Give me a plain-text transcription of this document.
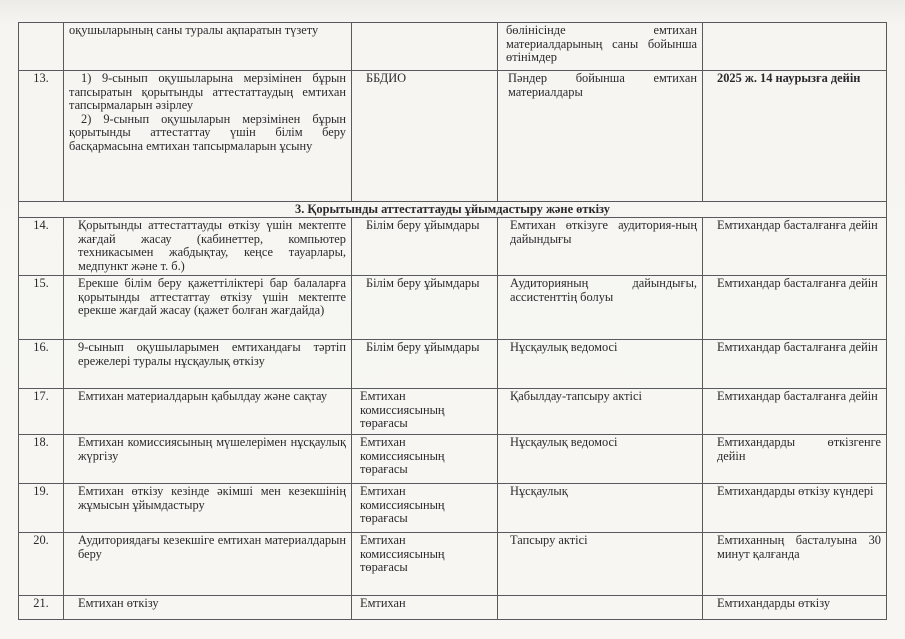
	оқушыларының саны туралы ақпаратын түзету		бөлінісінде емтихан материалдарының саны бойынша өтінімдер	
13.	1) 9-сынып оқушыларына мерзімінен бұрын тапсыратын қорытынды аттестаттаудың емтихан тапсырмаларын әзірлеу
2) 9-сынып оқушыларын мерзімінен бұрын қорытынды аттестаттау үшін білім беру басқармасына емтихан тапсырмаларын ұсыну	ББДИО	Пәндер бойынша емтихан материалдары	2025 ж. 14 наурызға дейін
3. Қорытынды аттестаттауды ұйымдастыру және өткізу				
14.	Қорытынды аттестаттауды өткізу үшін мектепте жағдай жасау (кабинеттер, компьютер техникасымен жабдықтау, кеңсе тауарлары, медпункт және т. б.)	Білім беру ұйымдары	Емтихан өткізуге аудитория-ның дайындығы	Емтихандар басталғанға дейін
15.	Ерекше білім беру қажеттіліктері бар балаларға қорытынды аттестаттау өткізу үшін мектепте ерекше жағдай жасау (қажет болған жағдайда)	Білім беру ұйымдары	Аудиторияның дайындығы, ассистенттің болуы	Емтихандар басталғанға дейін
16.	9-сынып оқушыларымен емтихандағы тәртіп ережелері туралы нұсқаулық өткізу	Білім беру ұйымдары	Нұсқаулық ведомосі	Емтихандар басталғанға дейін
17.	Емтихан материалдарын қабылдау және сақтау	Емтихан комиссиясының төрағасы	Қабылдау-тапсыру актісі	Емтихандар басталғанға дейін
18.	Емтихан комиссиясының мүшелерімен нұсқаулық жүргізу	Емтихан комиссиясының төрағасы	Нұсқаулық ведомосі	Емтихандарды өткізгенге дейін
19.	Емтихан өткізу кезінде әкімші мен кезекшінің жұмысын ұйымдастыру	Емтихан комиссиясының төрағасы	Нұсқаулық	Емтихандарды өткізу күндері
20.	Аудиториядағы кезекшіге емтихан материалдарын беру	Емтихан комиссиясының төрағасы	Тапсыру актісі	Емтиханның басталуына 30 минут қалғанда
21.	Емтихан өткізу	Емтихан		Емтихандарды өткізу
